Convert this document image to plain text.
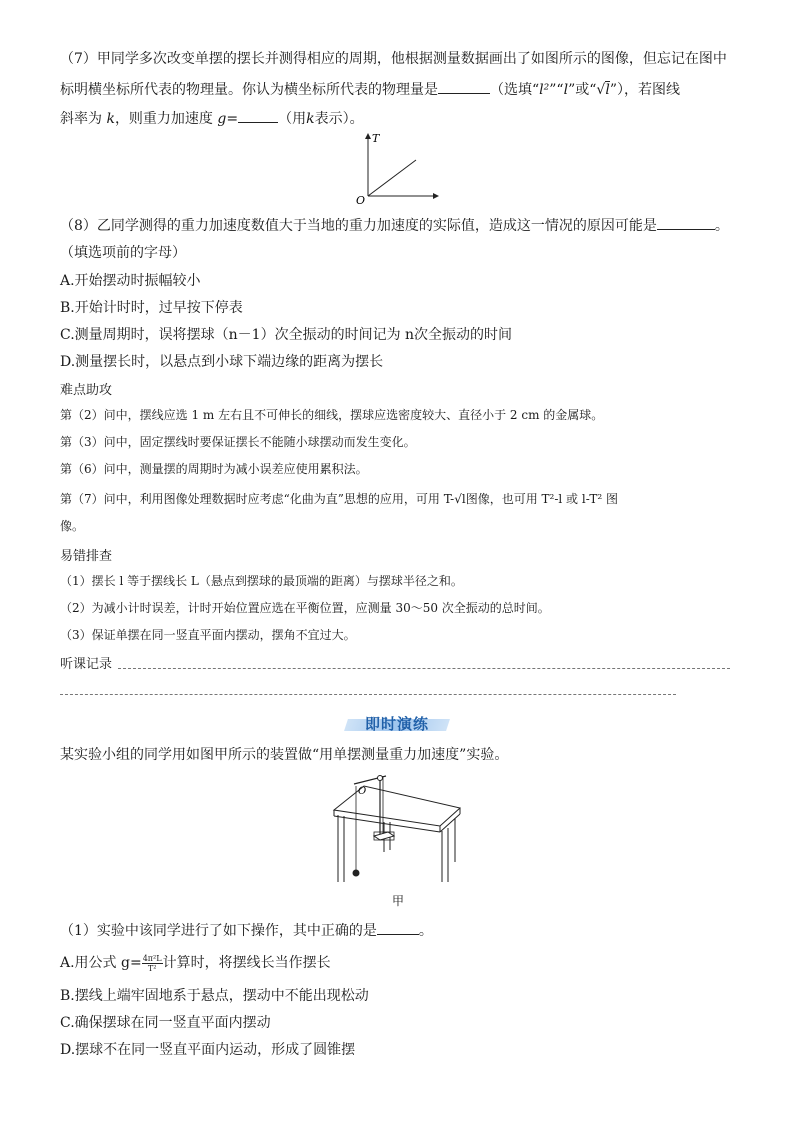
（7）甲同学多次改变单摆的摆长并测得相应的周期，他根据测量数据画出了如图所示的图像，但忘记在图中
标明横坐标所代表的物理量。你认为横坐标所代表的物理量是	（选填“l²”“l”或“√l”），若图线
斜率为 k，则重力加速度 g=	（用k表示）。
T
O
（8）乙同学测得的重力加速度数值大于当地的重力加速度的实际值，造成这一情况的原因可能是	。
（填选项前的字母）
A.开始摆动时振幅较小
B.开始计时时，过早按下停表
C.测量周期时，误将摆球（n－1）次全振动的时间记为 n次全振动的时间
D.测量摆长时，以悬点到小球下端边缘的距离为摆长
难点助攻
第（2）问中，摆线应选 1 m 左右且不可伸长的细线，摆球应选密度较大、直径小于 2 cm 的金属球。
第（3）问中，固定摆线时要保证摆长不能随小球摆动而发生变化。
第（6）问中，测量摆的周期时为减小误差应使用累积法。
第（7）问中，利用图像处理数据时应考虑“化曲为直”思想的应用，可用 T-√l图像，也可用 T²-l 或 l-T² 图
像。
易错排查
（1）摆长 l 等于摆线长 L（悬点到摆球的最顶端的距离）与摆球半径之和。
（2）为减小计时误差，计时开始位置应选在平衡位置，应测量 30～50 次全振动的总时间。
（3）保证单摆在同一竖直平面内摆动，摆角不宜过大。
听课记录
即时演练
某实验小组的同学用如图甲所示的装置做“用单摆测量重力加速度”实验。
O
甲
（1）实验中该同学进行了如下操作，其中正确的是	。
A.用公式 $g= \frac{\text{4π²L}}{\text{T²}}$ 计算时，将摆线长当作摆长
B.摆线上端牢固地系于悬点，摆动中不能出现松动
C.确保摆球在同一竖直平面内摆动
D.摆球不在同一竖直平面内运动，形成了圆锥摆
